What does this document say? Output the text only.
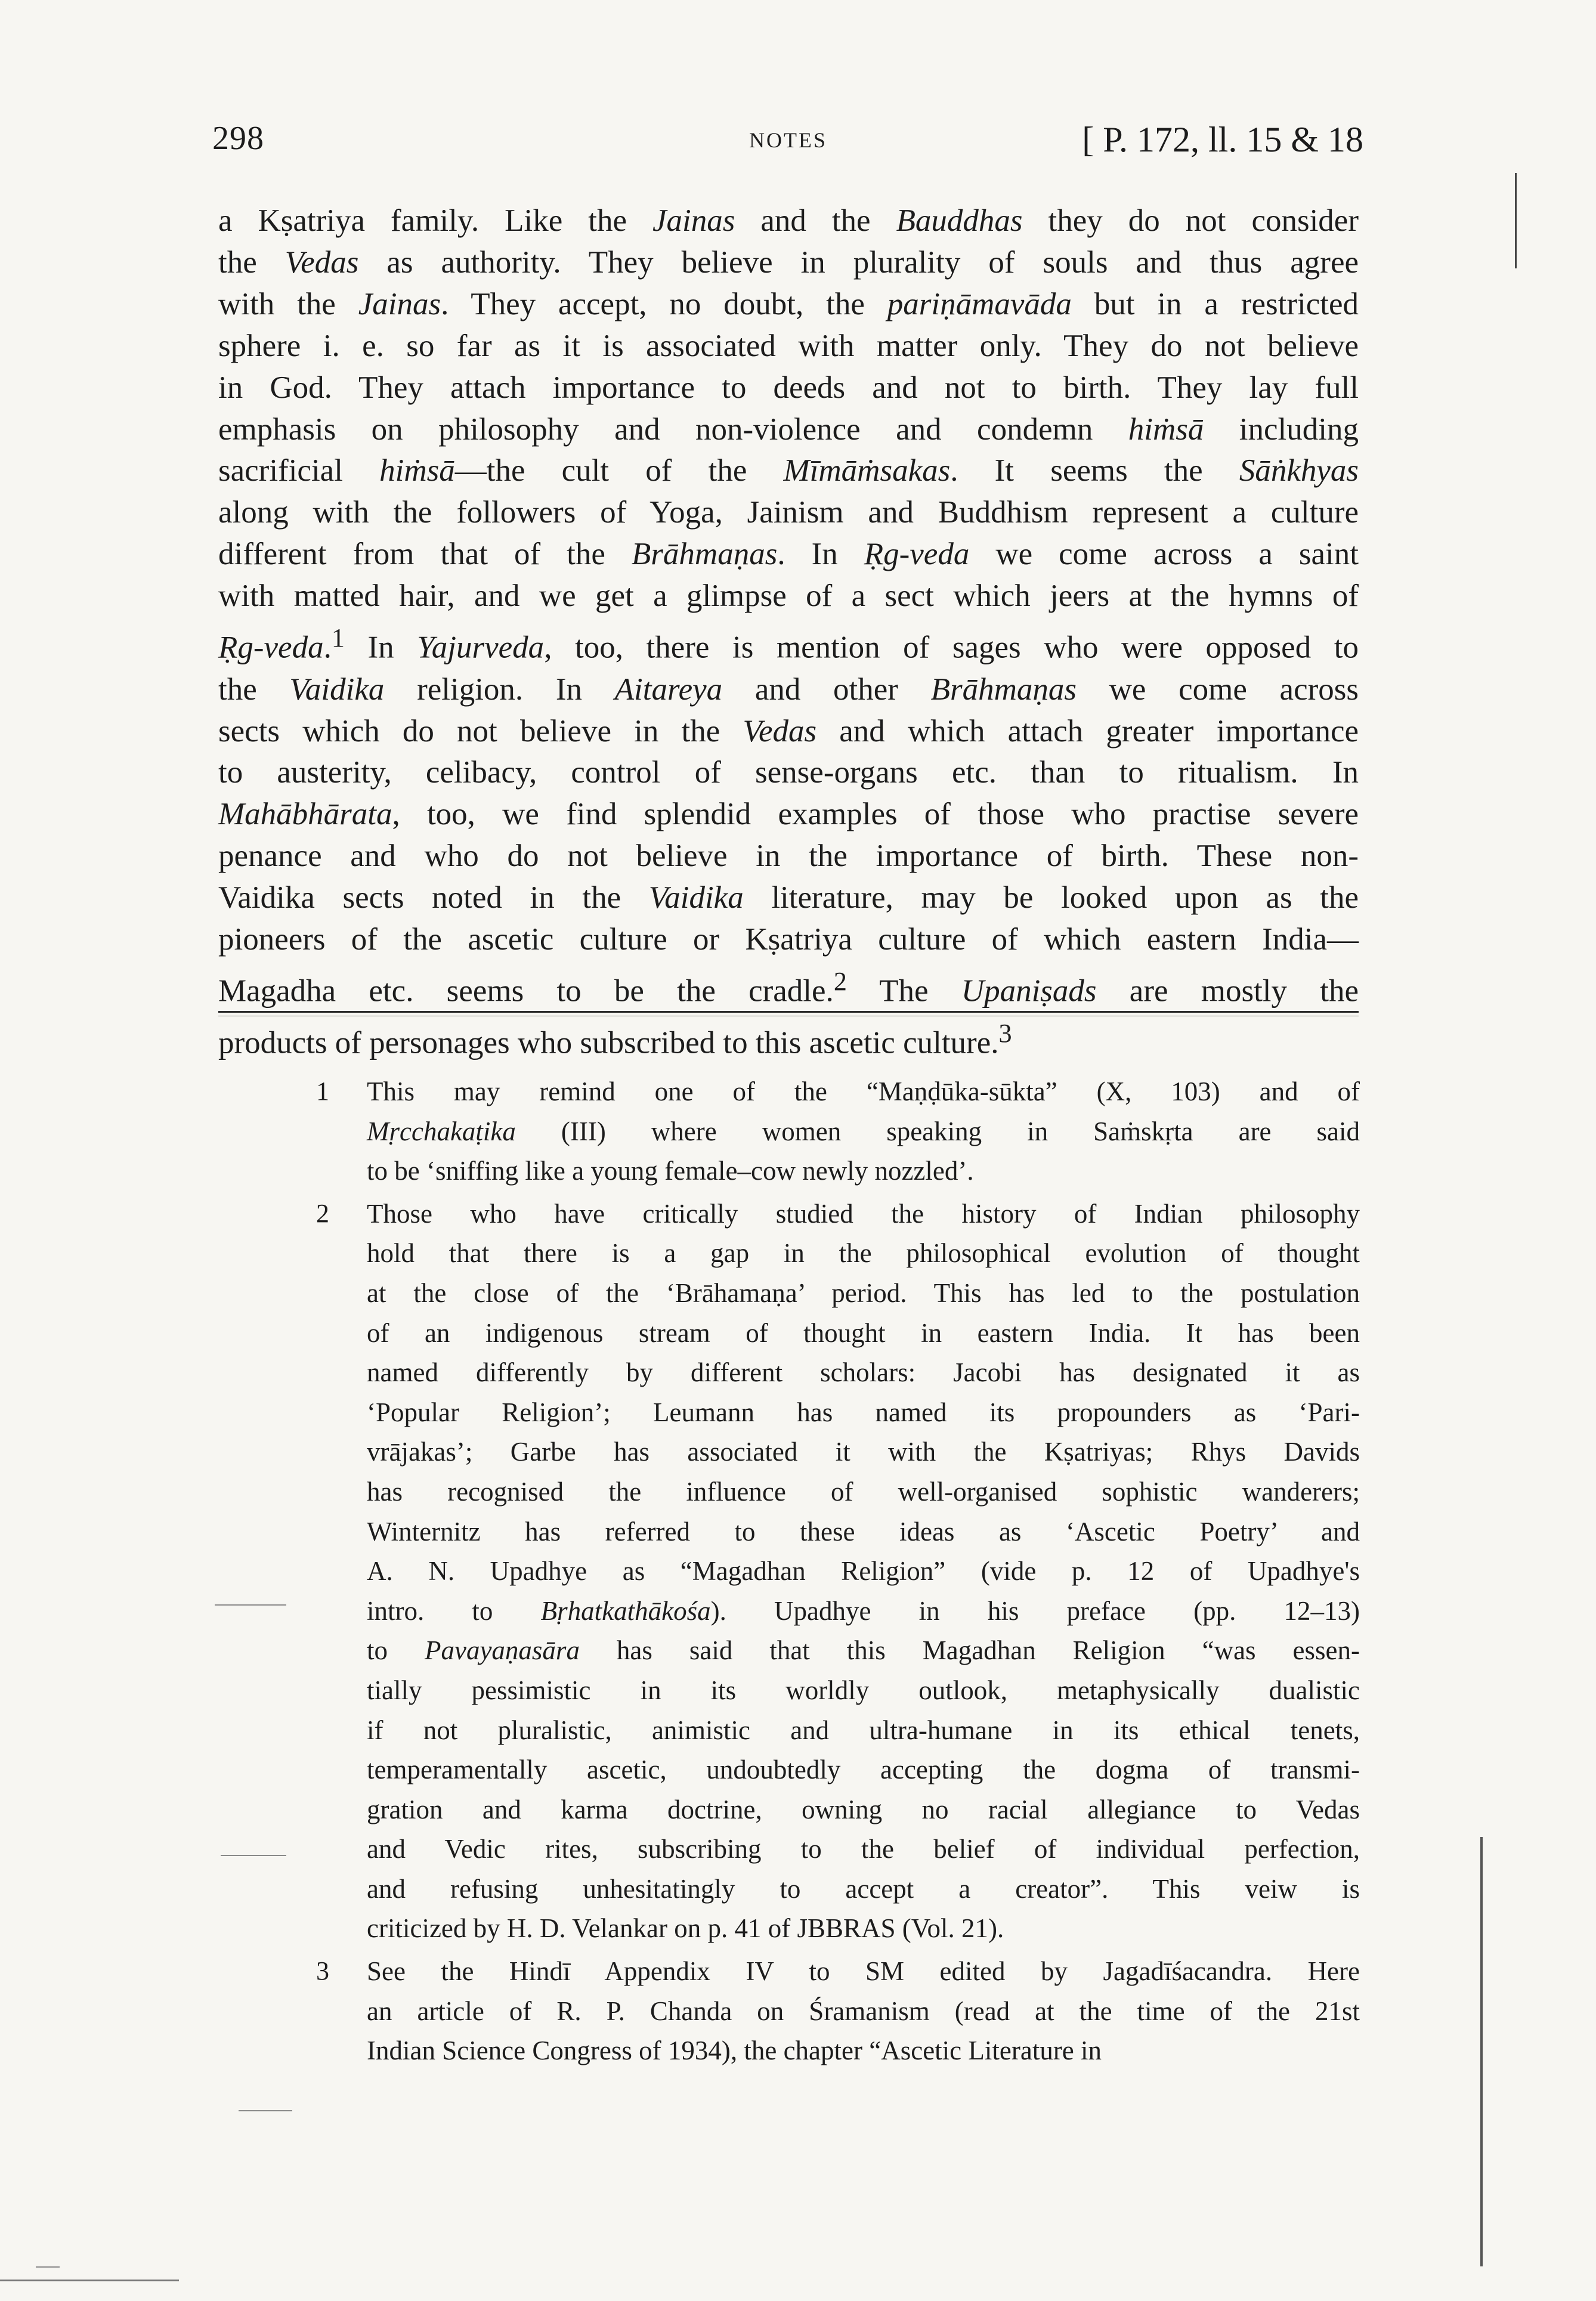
298	NOTES	[ P. 172, ll. 15 & 18
a Kṣatriya family. Like the Jainas and the Bauddhas they do not consider
the Vedas as authority. They believe in plurality of souls and thus agree
with the Jainas. They accept, no doubt, the pariṇāmavāda but in a restricted
sphere i. e. so far as it is associated with matter only. They do not believe
in God. They attach importance to deeds and not to birth. They lay full
emphasis on philosophy and non-violence and condemn hiṁsā including
sacrificial hiṁsā—the cult of the Mīmāṁsakas. It seems the Sāṅkhyas
along with the followers of Yoga, Jainism and Buddhism represent a culture
different from that of the Brāhmaṇas. In Ṛg-veda we come across a saint
with matted hair, and we get a glimpse of a sect which jeers at the hymns of
Ṛg-veda.$^1$ In Yajurveda, too, there is mention of sages who were opposed to
the Vaidika religion. In Aitareya and other Brāhmaṇas we come across
sects which do not believe in the Vedas and which attach greater importance
to austerity, celibacy, control of sense-organs etc. than to ritualism. In
Mahābhārata, too, we find splendid examples of those who practise severe
penance and who do not believe in the importance of birth. These non-
Vaidika sects noted in the Vaidika literature, may be looked upon as the
pioneers of the ascetic culture or Kṣatriya culture of which eastern India—
Magadha etc. seems to be the cradle.$^2$ The Upaniṣads are mostly the
products of personages who subscribed to this ascetic culture.$^3$
1 This may remind one of the “Maṇḍūka-sūkta” (X, 103) and of
Mṛcchakaṭika (III) where women speaking in Saṁskṛta are said
to be ‘sniffing like a young female–cow newly nozzled’.
2 Those who have critically studied the history of Indian philosophy
hold that there is a gap in the philosophical evolution of thought
at the close of the ‘Brāhamaṇa’ period. This has led to the postulation
of an indigenous stream of thought in eastern India. It has been
named differently by different scholars: Jacobi has designated it as
‘Popular Religion’; Leumann has named its propounders as ‘Pari-
vrājakas’; Garbe has associated it with the Kṣatriyas; Rhys Davids
has recognised the influence of well-organised sophistic wanderers;
Winternitz has referred to these ideas as ‘Ascetic Poetry’ and
A. N. Upadhye as “Magadhan Religion” (vide p. 12 of Upadhye's
intro. to Bṛhatkathākośa). Upadhye in his preface (pp. 12–13)
to Pavayaṇasāra has said that this Magadhan Religion “was essen-
tially pessimistic in its worldly outlook, metaphysically dualistic
if not pluralistic, animistic and ultra-humane in its ethical tenets,
temperamentally ascetic, undoubtedly accepting the dogma of transmi-
gration and karma doctrine, owning no racial allegiance to Vedas
and Vedic rites, subscribing to the belief of individual perfection,
and refusing unhesitatingly to accept a creator”. This veiw is
criticized by H. D. Velankar on p. 41 of JBBRAS (Vol. 21).
3 See the Hindī Appendix IV to SM edited by Jagadīśacandra. Here
an article of R. P. Chanda on Śramanism (read at the time of the 21st
Indian Science Congress of 1934), the chapter “Ascetic Literature in
